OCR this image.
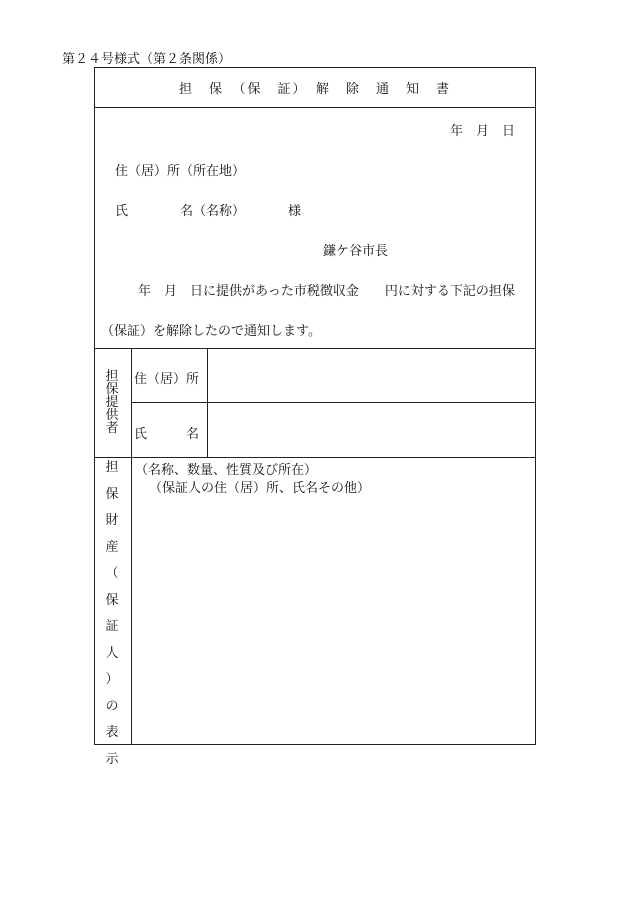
第２４号様式（第２条関係）
担　保　（保　証）　解　除　通　知　書
年　月　日
住（居）所（所在地）
氏　　　　名（名称）	様
鎌ケ谷市長
年　月　日に提供があった市税徴収金　　円に対する下記の担保
（保証）を解除したので通知します。
担
保
提
供
者
住（居）所
氏　　　名
担
保
財
産
（
保
証
人
）
の
表
示
（名称、数量、性質及び所在）
（保証人の住（居）所、氏名その他）
